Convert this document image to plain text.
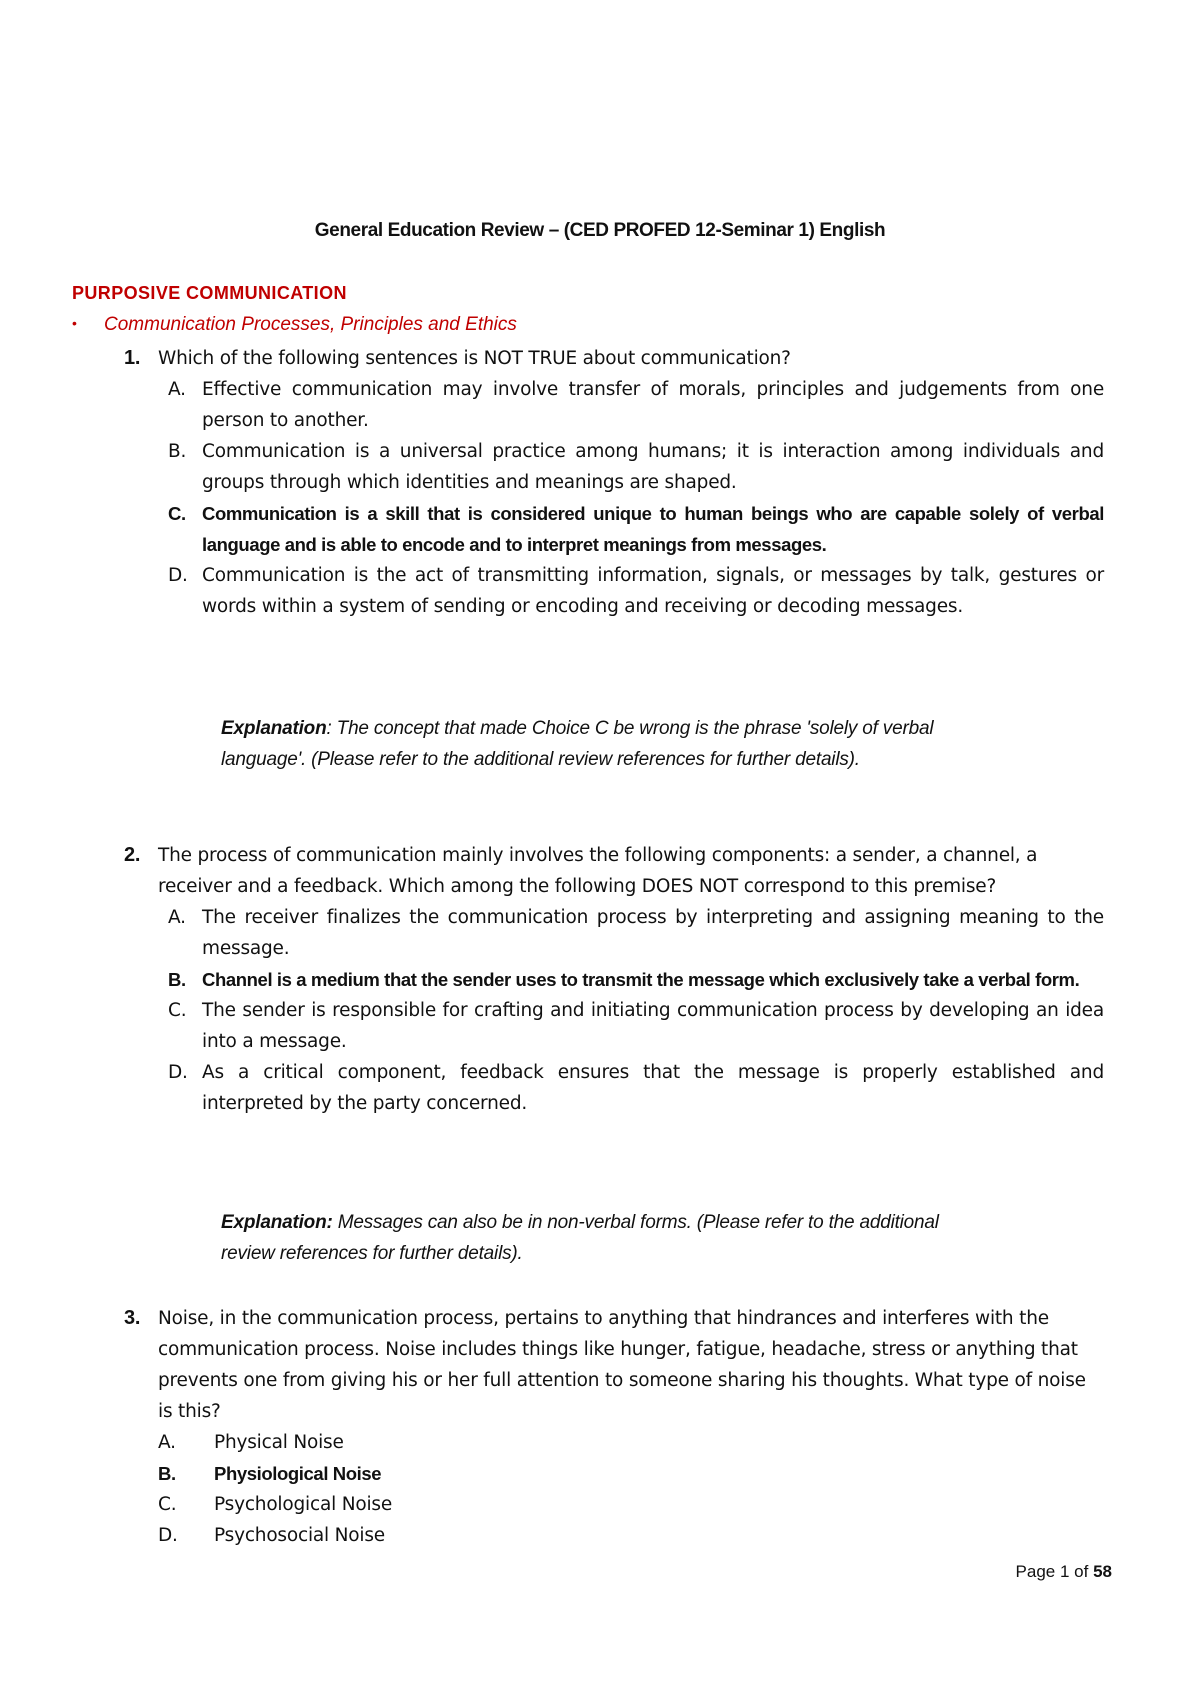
General Education Review – (CED PROFED 12-Seminar 1) English
PURPOSIVE COMMUNICATION
• Communication Processes, Principles and Ethics
1. Which of the following sentences is NOT TRUE about communication?
A. Effective communication may involve transfer of morals, principles and judgements from one person to another.
B. Communication is a universal practice among humans; it is interaction among individuals and groups through which identities and meanings are shaped.
C. Communication is a skill that is considered unique to human beings who are capable solely of verbal language and is able to encode and to interpret meanings from messages.
D. Communication is the act of transmitting information, signals, or messages by talk, gestures or words within a system of sending or encoding and receiving or decoding messages.
Explanation: The concept that made Choice C be wrong is the phrase 'solely of verbal language'. (Please refer to the additional review references for further details).
2. The process of communication mainly involves the following components: a sender, a channel, a receiver and a feedback. Which among the following DOES NOT correspond to this premise?
A. The receiver finalizes the communication process by interpreting and assigning meaning to the message.
B. Channel is a medium that the sender uses to transmit the message which exclusively take a verbal form.
C. The sender is responsible for crafting and initiating communication process by developing an idea into a message.
D. As a critical component, feedback ensures that the message is properly established and interpreted by the party concerned.
Explanation: Messages can also be in non-verbal forms. (Please refer to the additional review references for further details).
3. Noise, in the communication process, pertains to anything that hindrances and interferes with the communication process. Noise includes things like hunger, fatigue, headache, stress or anything that prevents one from giving his or her full attention to someone sharing his thoughts. What type of noise is this?
A. Physical Noise
B. Physiological Noise
C. Psychological Noise
D. Psychosocial Noise
Page 1 of 58
